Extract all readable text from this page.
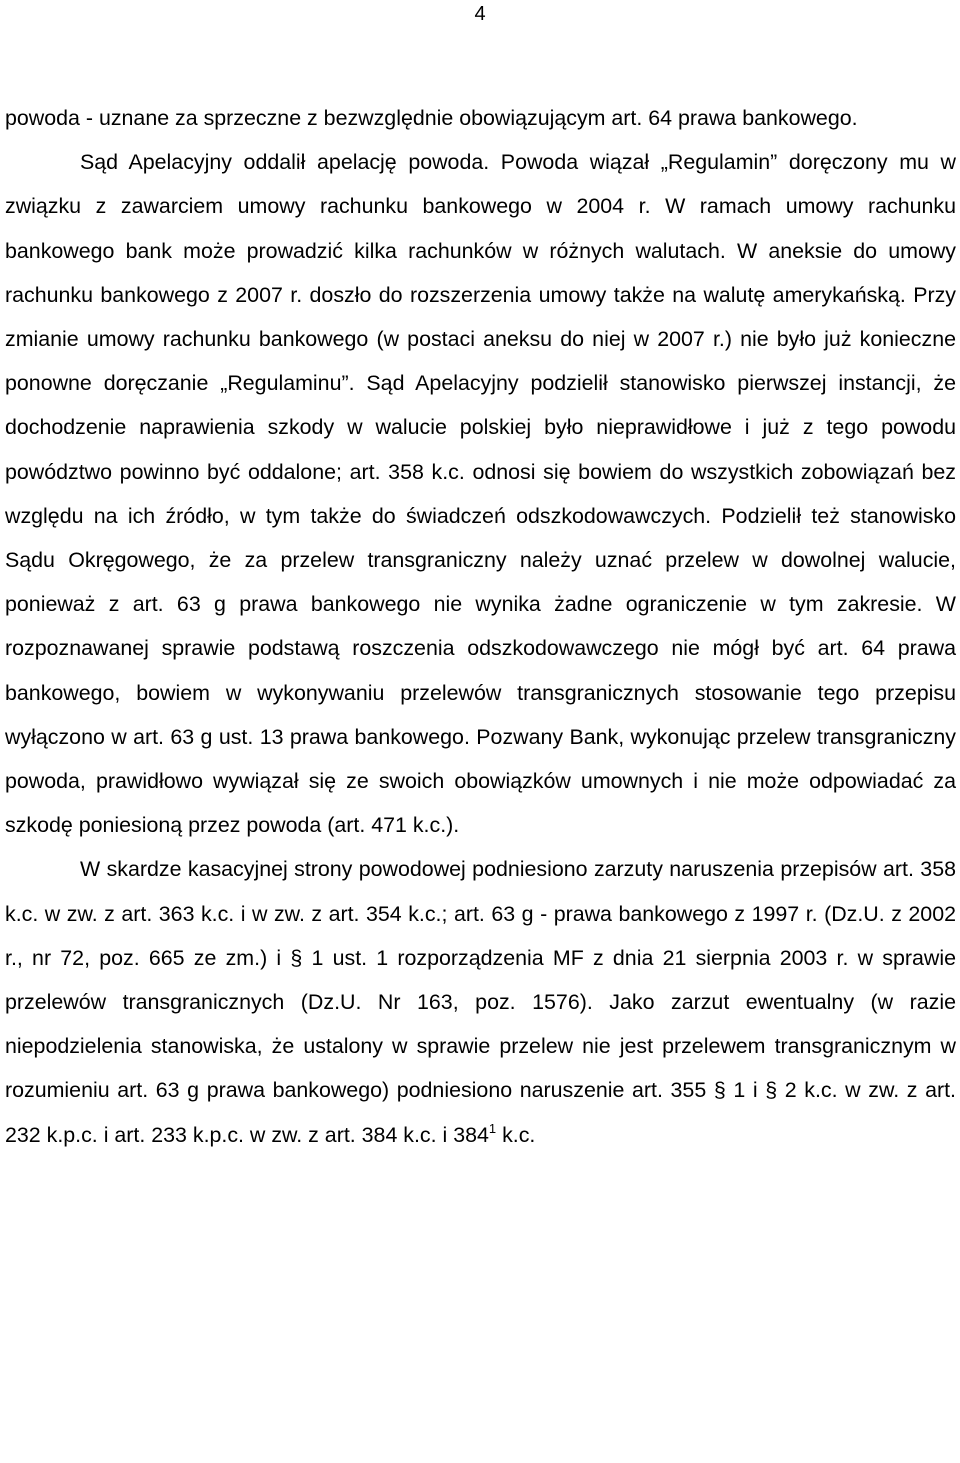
4

powoda - uznane za sprzeczne z bezwzględnie obowiązującym art. 64 prawa bankowego.

Sąd Apelacyjny oddalił apelację powoda. Powoda wiązał „Regulamin” doręczony mu w związku z zawarciem umowy rachunku bankowego w 2004 r. W ramach umowy rachunku bankowego bank może prowadzić kilka rachunków w różnych walutach. W aneksie do umowy rachunku bankowego z 2007 r. doszło do rozszerzenia umowy także na walutę amerykańską. Przy zmianie umowy rachunku bankowego (w postaci aneksu do niej w 2007 r.) nie było już konieczne ponowne doręczanie „Regulaminu”. Sąd Apelacyjny podzielił stanowisko pierwszej instancji, że dochodzenie naprawienia szkody w walucie polskiej było nieprawidłowe i już z tego powodu powództwo powinno być oddalone; art. 358 k.c. odnosi się bowiem do wszystkich zobowiązań bez względu na ich źródło, w tym także do świadczeń odszkodowawczych. Podzielił też stanowisko Sądu Okręgowego, że za przelew transgraniczny należy uznać przelew w dowolnej walucie, ponieważ z art. 63 g prawa bankowego nie wynika żadne ograniczenie w tym zakresie. W rozpoznawanej sprawie podstawą roszczenia odszkodowawczego nie mógł być art. 64 prawa bankowego, bowiem w wykonywaniu przelewów transgranicznych stosowanie tego przepisu wyłączono w art. 63 g ust. 13 prawa bankowego. Pozwany Bank, wykonując przelew transgraniczny powoda, prawidłowo wywiązał się ze swoich obowiązków umownych i nie może odpowiadać za szkodę poniesioną przez powoda (art. 471 k.c.).

W skardze kasacyjnej strony powodowej podniesiono zarzuty naruszenia przepisów art. 358 k.c. w zw. z art. 363 k.c. i w zw. z art. 354 k.c.; art. 63 g - prawa bankowego z 1997 r. (Dz.U. z 2002 r., nr 72, poz. 665 ze zm.) i § 1 ust. 1 rozporządzenia MF z dnia 21 sierpnia 2003 r. w sprawie przelewów transgranicznych (Dz.U. Nr 163, poz. 1576). Jako zarzut ewentualny (w razie niepodzielenia stanowiska, że ustalony w sprawie przelew nie jest przelewem transgranicznym w rozumieniu art. 63 g prawa bankowego) podniesiono naruszenie art. 355 § 1 i § 2 k.c. w zw. z art. 232 k.p.c. i art. 233 k.p.c. w zw. z art. 384 k.c. i $384^1$ k.c.
